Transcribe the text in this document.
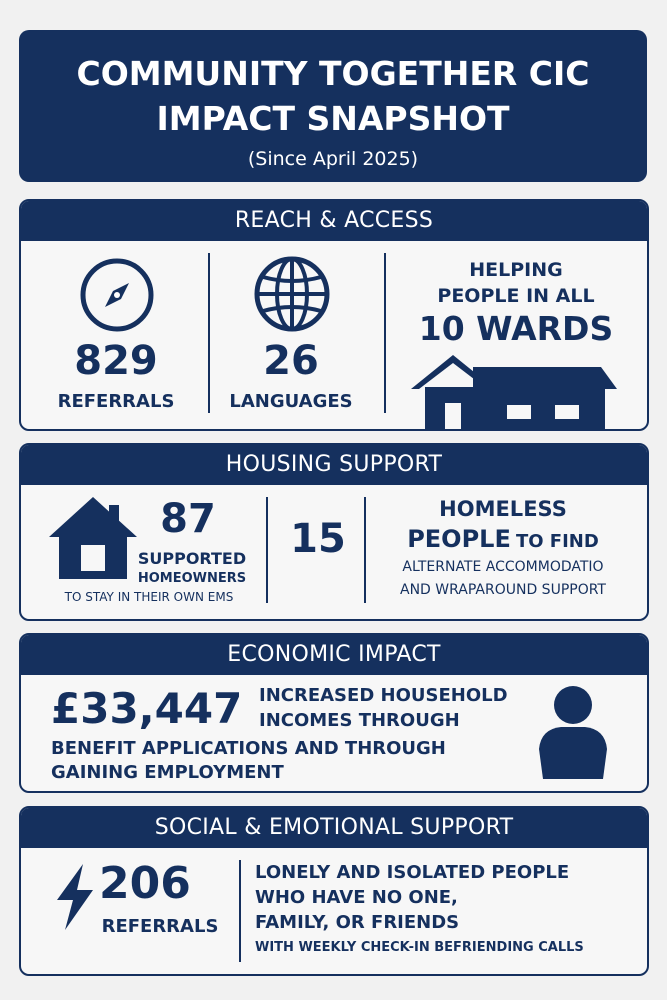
COMMUNITY TOGETHER CIC
IMPACT SNAPSHOT
(Since April 2025)
REACH & ACCESS
829
REFERRALS
26
LANGUAGES
HELPING
PEOPLE IN ALL
10 WARDS
HOUSING SUPPORT
87
SUPPORTED
HOMEOWNERS
TO STAY IN THEIR OWN EMS
15
HOMELESS
PEOPLE TO FIND
ALTERNATE ACCOMMODATIO
AND WRAPAROUND SUPPORT
ECONOMIC IMPACT
£33,447 INCREASED HOUSEHOLD
INCOMES THROUGH
BENEFIT APPLICATIONS AND THROUGH
GAINING EMPLOYMENT
SOCIAL & EMOTIONAL SUPPORT
206
REFERRALS
LONELY AND ISOLATED PEOPLE
WHO HAVE NO ONE,
FAMILY, OR FRIENDS
WITH WEEKLY CHECK-IN BEFRIENDING CALLS
